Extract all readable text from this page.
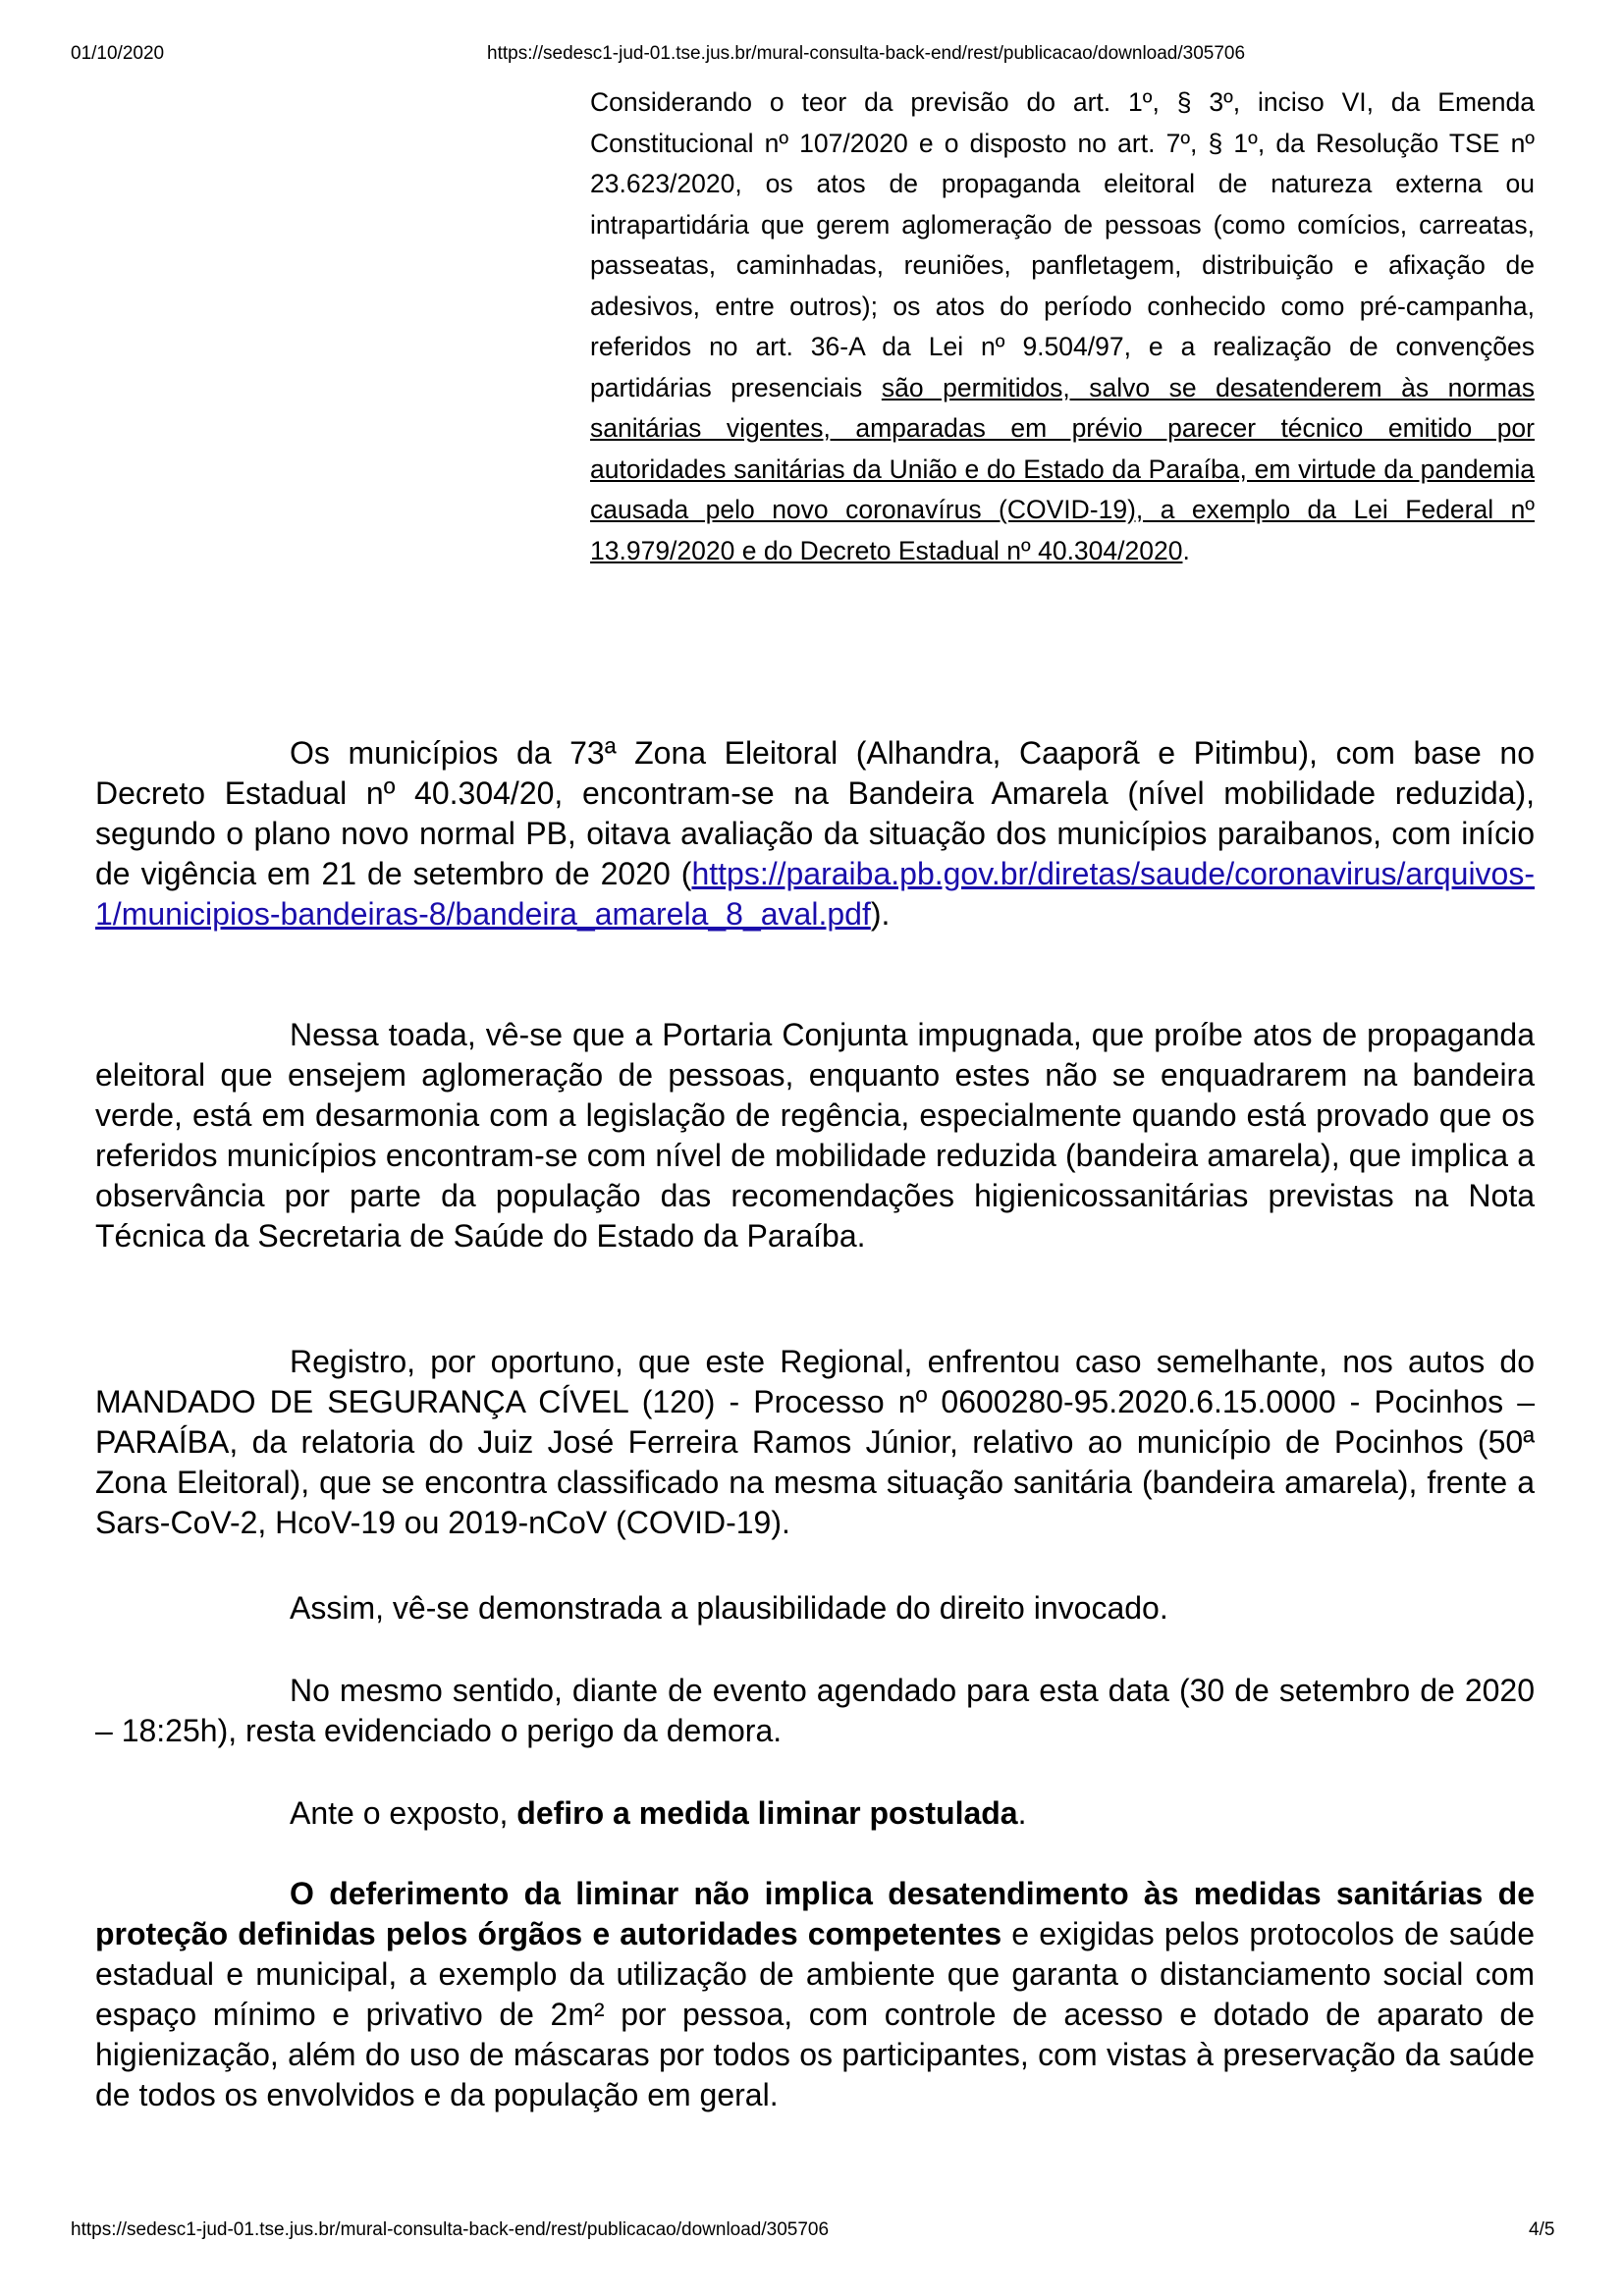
01/10/2020	https://sedesc1-jud-01.tse.jus.br/mural-consulta-back-end/rest/publicacao/download/305706
Considerando o teor da previsão do art. 1º, § 3º, inciso VI, da Emenda Constitucional nº 107/2020 e o disposto no art. 7º, § 1º, da Resolução TSE nº 23.623/2020, os atos de propaganda eleitoral de natureza externa ou intrapartidária que gerem aglomeração de pessoas (como comícios, carreatas, passeatas, caminhadas, reuniões, panfletagem, distribuição e afixação de adesivos, entre outros); os atos do período conhecido como pré-campanha, referidos no art. 36-A da Lei nº 9.504/97, e a realização de convenções partidárias presenciais são permitidos, salvo se desatenderem às normas sanitárias vigentes, amparadas em prévio parecer técnico emitido por autoridades sanitárias da União e do Estado da Paraíba, em virtude da pandemia causada pelo novo coronavírus (COVID-19), a exemplo da Lei Federal nº 13.979/2020 e do Decreto Estadual nº 40.304/2020.

Os municípios da 73ª Zona Eleitoral (Alhandra, Caaporã e Pitimbu), com base no Decreto Estadual nº 40.304/20, encontram-se na Bandeira Amarela (nível mobilidade reduzida), segundo o plano novo normal PB, oitava avaliação da situação dos municípios paraibanos, com início de vigência em 21 de setembro de 2020 (https://paraiba.pb.gov.br/diretas/saude/coronavirus/arquivos-1/municipios-bandeiras-8/bandeira_amarela_8_aval.pdf).

Nessa toada, vê-se que a Portaria Conjunta impugnada, que proíbe atos de propaganda eleitoral que ensejem aglomeração de pessoas, enquanto estes não se enquadrarem na bandeira verde, está em desarmonia com a legislação de regência, especialmente quando está provado que os referidos municípios encontram-se com nível de mobilidade reduzida (bandeira amarela), que implica a observância por parte da população das recomendações higienicossanitárias previstas na Nota Técnica da Secretaria de Saúde do Estado da Paraíba.

Registro, por oportuno, que este Regional, enfrentou caso semelhante, nos autos do MANDADO DE SEGURANÇA CÍVEL (120) - Processo nº 0600280-95.2020.6.15.0000 - Pocinhos – PARAÍBA, da relatoria do Juiz José Ferreira Ramos Júnior, relativo ao município de Pocinhos (50ª Zona Eleitoral), que se encontra classificado na mesma situação sanitária (bandeira amarela), frente a Sars-CoV-2, HcoV-19 ou 2019-nCoV (COVID-19).

Assim, vê-se demonstrada a plausibilidade do direito invocado.

No mesmo sentido, diante de evento agendado para esta data (30 de setembro de 2020 – 18:25h), resta evidenciado o perigo da demora.

Ante o exposto, defiro a medida liminar postulada.

O deferimento da liminar não implica desatendimento às medidas sanitárias de proteção definidas pelos órgãos e autoridades competentes e exigidas pelos protocolos de saúde estadual e municipal, a exemplo da utilização de ambiente que garanta o distanciamento social com espaço mínimo e privativo de 2m² por pessoa, com controle de acesso e dotado de aparato de higienização, além do uso de máscaras por todos os participantes, com vistas à preservação da saúde de todos os envolvidos e da população em geral.

https://sedesc1-jud-01.tse.jus.br/mural-consulta-back-end/rest/publicacao/download/305706	4/5
